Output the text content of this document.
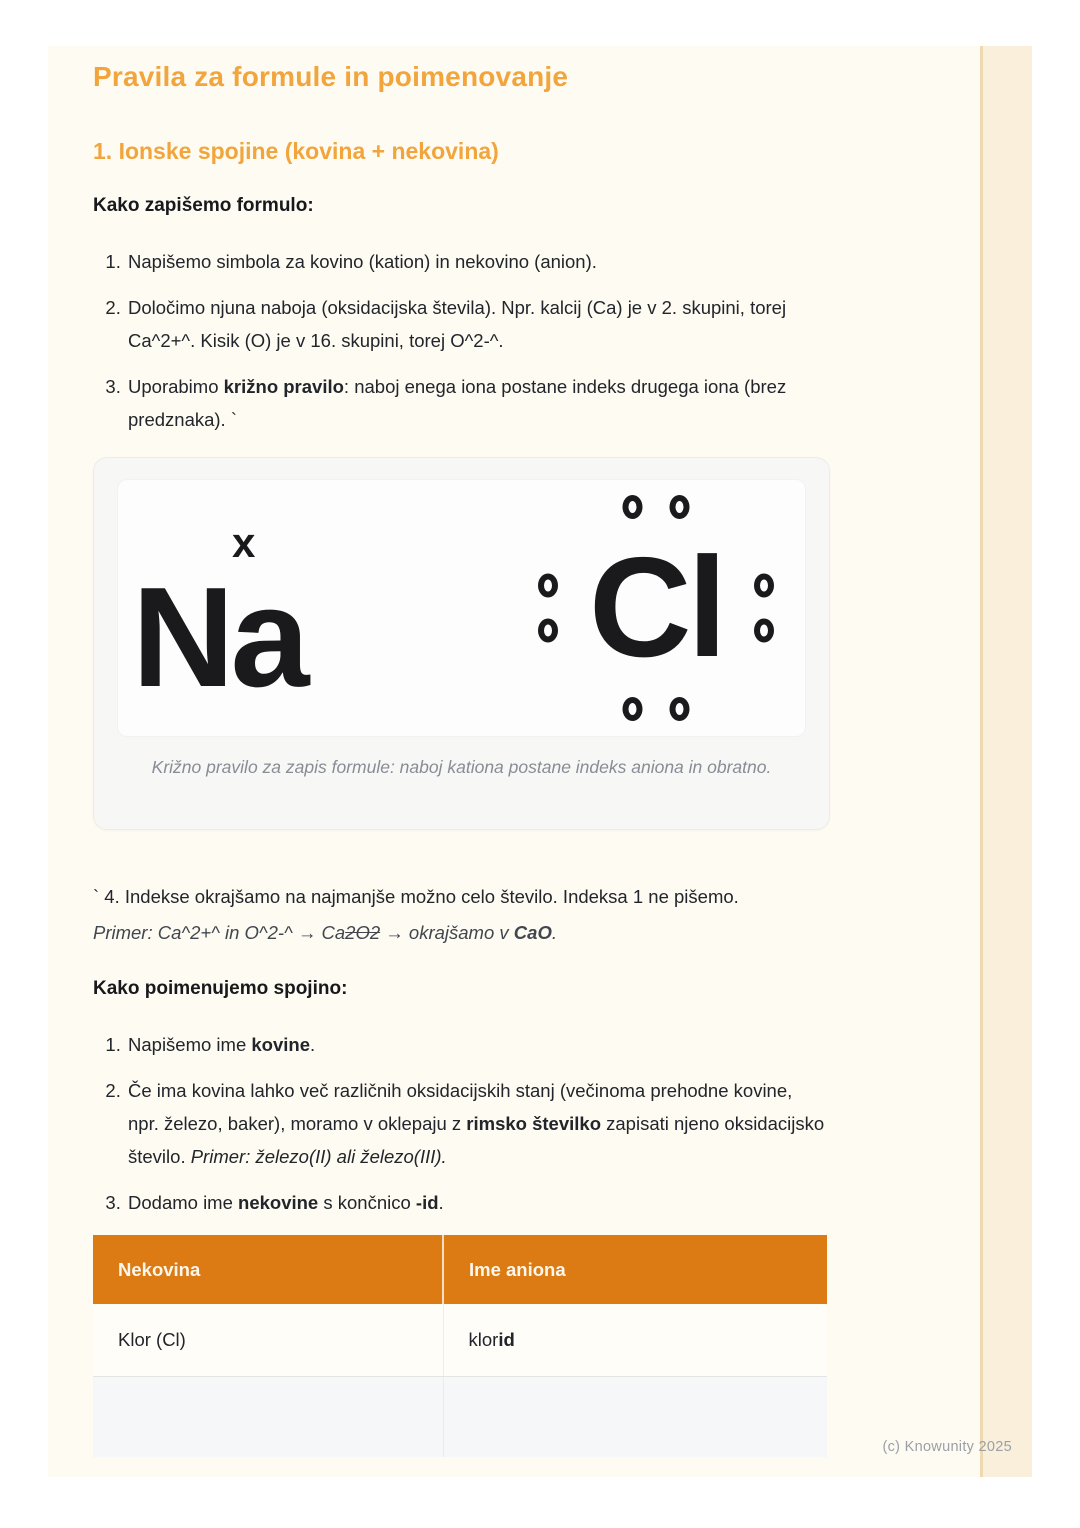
Pravila za formule in poimenovanje
1. Ionske spojine (kovina + nekovina)

Kako zapišemo formulo:

1. Napišemo simbola za kovino (kation) in nekovino (anion).
2. Določimo njuna naboja (oksidacijska števila). Npr. kalcij (Ca) je v 2. skupini, torej Ca^2+^. Kisik (O) je v 16. skupini, torej O^2-^.
3. Uporabimo križno pravilo: naboj enega iona postane indeks drugega iona (brez predznaka). `
x
Na	Cl
Križno pravilo za zapis formule: naboj kationa postane indeks aniona in obratno.

` 4. Indekse okrajšamo na najmanjše možno celo število. Indeksa 1 ne pišemo.

Primer: Ca^2+^ in O^2-^ → Ca2O2 → okrajšamo v CaO.

Kako poimenujemo spojino:

1. Napišemo ime kovine.
2. Če ima kovina lahko več različnih oksidacijskih stanj (večinoma prehodne kovine, npr. železo, baker), moramo v oklepaju z rimsko številko zapisati njeno oksidacijsko število. Primer: železo(II) ali železo(III).
3. Dodamo ime nekovine s končnico -id.
Nekovina	Ime aniona
Klor (Cl)	klorid

(c) Knowunity 2025
